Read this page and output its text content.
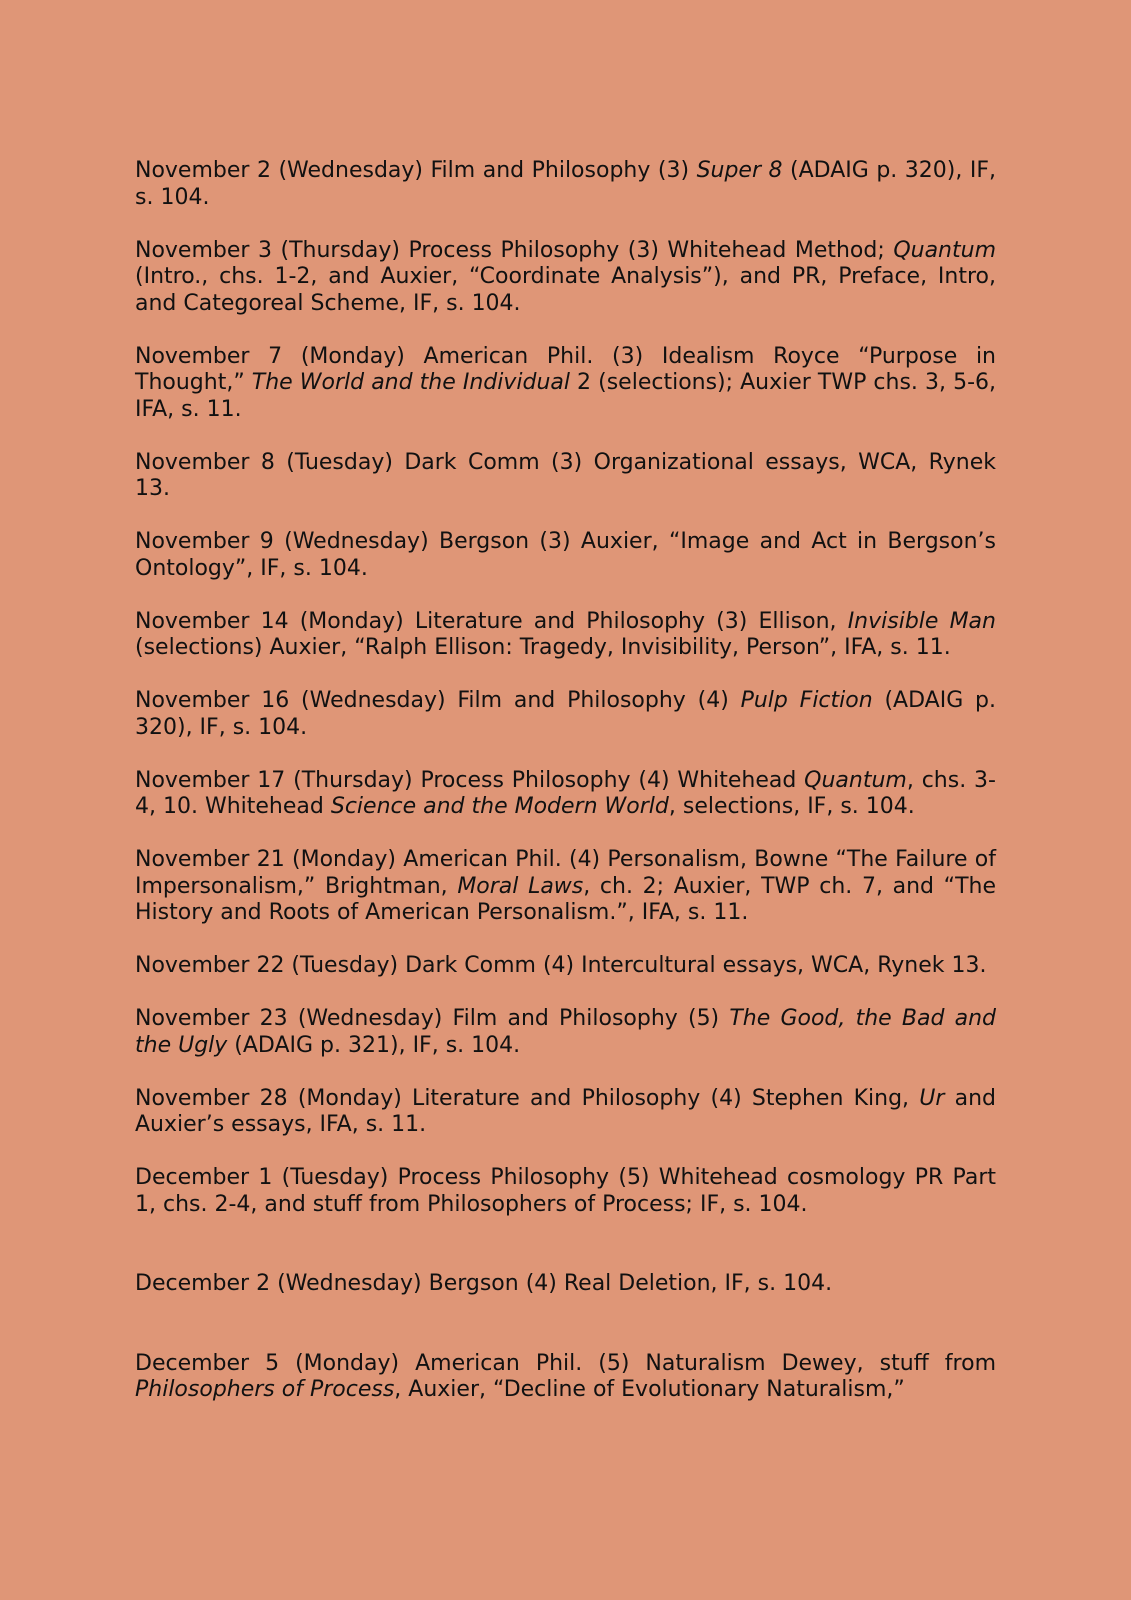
November 2 (Wednesday) Film and Philosophy (3) Super 8 (ADAIG p. 320), IF, s. 104.

November 3 (Thursday) Process Philosophy (3) Whitehead Method; Quantum (Intro., chs. 1-2, and Auxier, “Coordinate Analysis”), and PR, Preface, Intro, and Categoreal Scheme, IF, s. 104.

November 7 (Monday) American Phil. (3) Idealism Royce “Purpose in Thought,” The World and the Individual 2 (selections); Auxier TWP chs. 3, 5-6, IFA, s. 11.

November 8 (Tuesday) Dark Comm (3) Organizational essays, WCA, Rynek 13.

November 9 (Wednesday) Bergson (3) Auxier, “Image and Act in Bergson’s Ontology”, IF, s. 104.

November 14 (Monday) Literature and Philosophy (3) Ellison, Invisible Man (selections) Auxier, “Ralph Ellison: Tragedy, Invisibility, Person”, IFA, s. 11.

November 16 (Wednesday) Film and Philosophy (4) Pulp Fiction (ADAIG p. 320), IF, s. 104.

November 17 (Thursday) Process Philosophy (4) Whitehead Quantum, chs. 3-4, 10. Whitehead Science and the Modern World, selections, IF, s. 104.

November 21 (Monday) American Phil. (4) Personalism, Bowne “The Failure of Impersonalism,” Brightman, Moral Laws, ch. 2; Auxier, TWP ch. 7, and “The History and Roots of American Personalism.”, IFA, s. 11.

November 22 (Tuesday) Dark Comm (4) Intercultural essays, WCA, Rynek 13.

November 23 (Wednesday) Film and Philosophy (5) The Good, the Bad and the Ugly (ADAIG p. 321), IF, s. 104.

November 28 (Monday) Literature and Philosophy (4) Stephen King, Ur and Auxier’s essays, IFA, s. 11.

December 1 (Tuesday) Process Philosophy (5) Whitehead cosmology PR Part 1, chs. 2-4, and stuff from Philosophers of Process; IF, s. 104.

December 2 (Wednesday) Bergson (4) Real Deletion, IF, s. 104.

December 5 (Monday) American Phil. (5) Naturalism Dewey, stuff from Philosophers of Process, Auxier, “Decline of Evolutionary Naturalism,”
